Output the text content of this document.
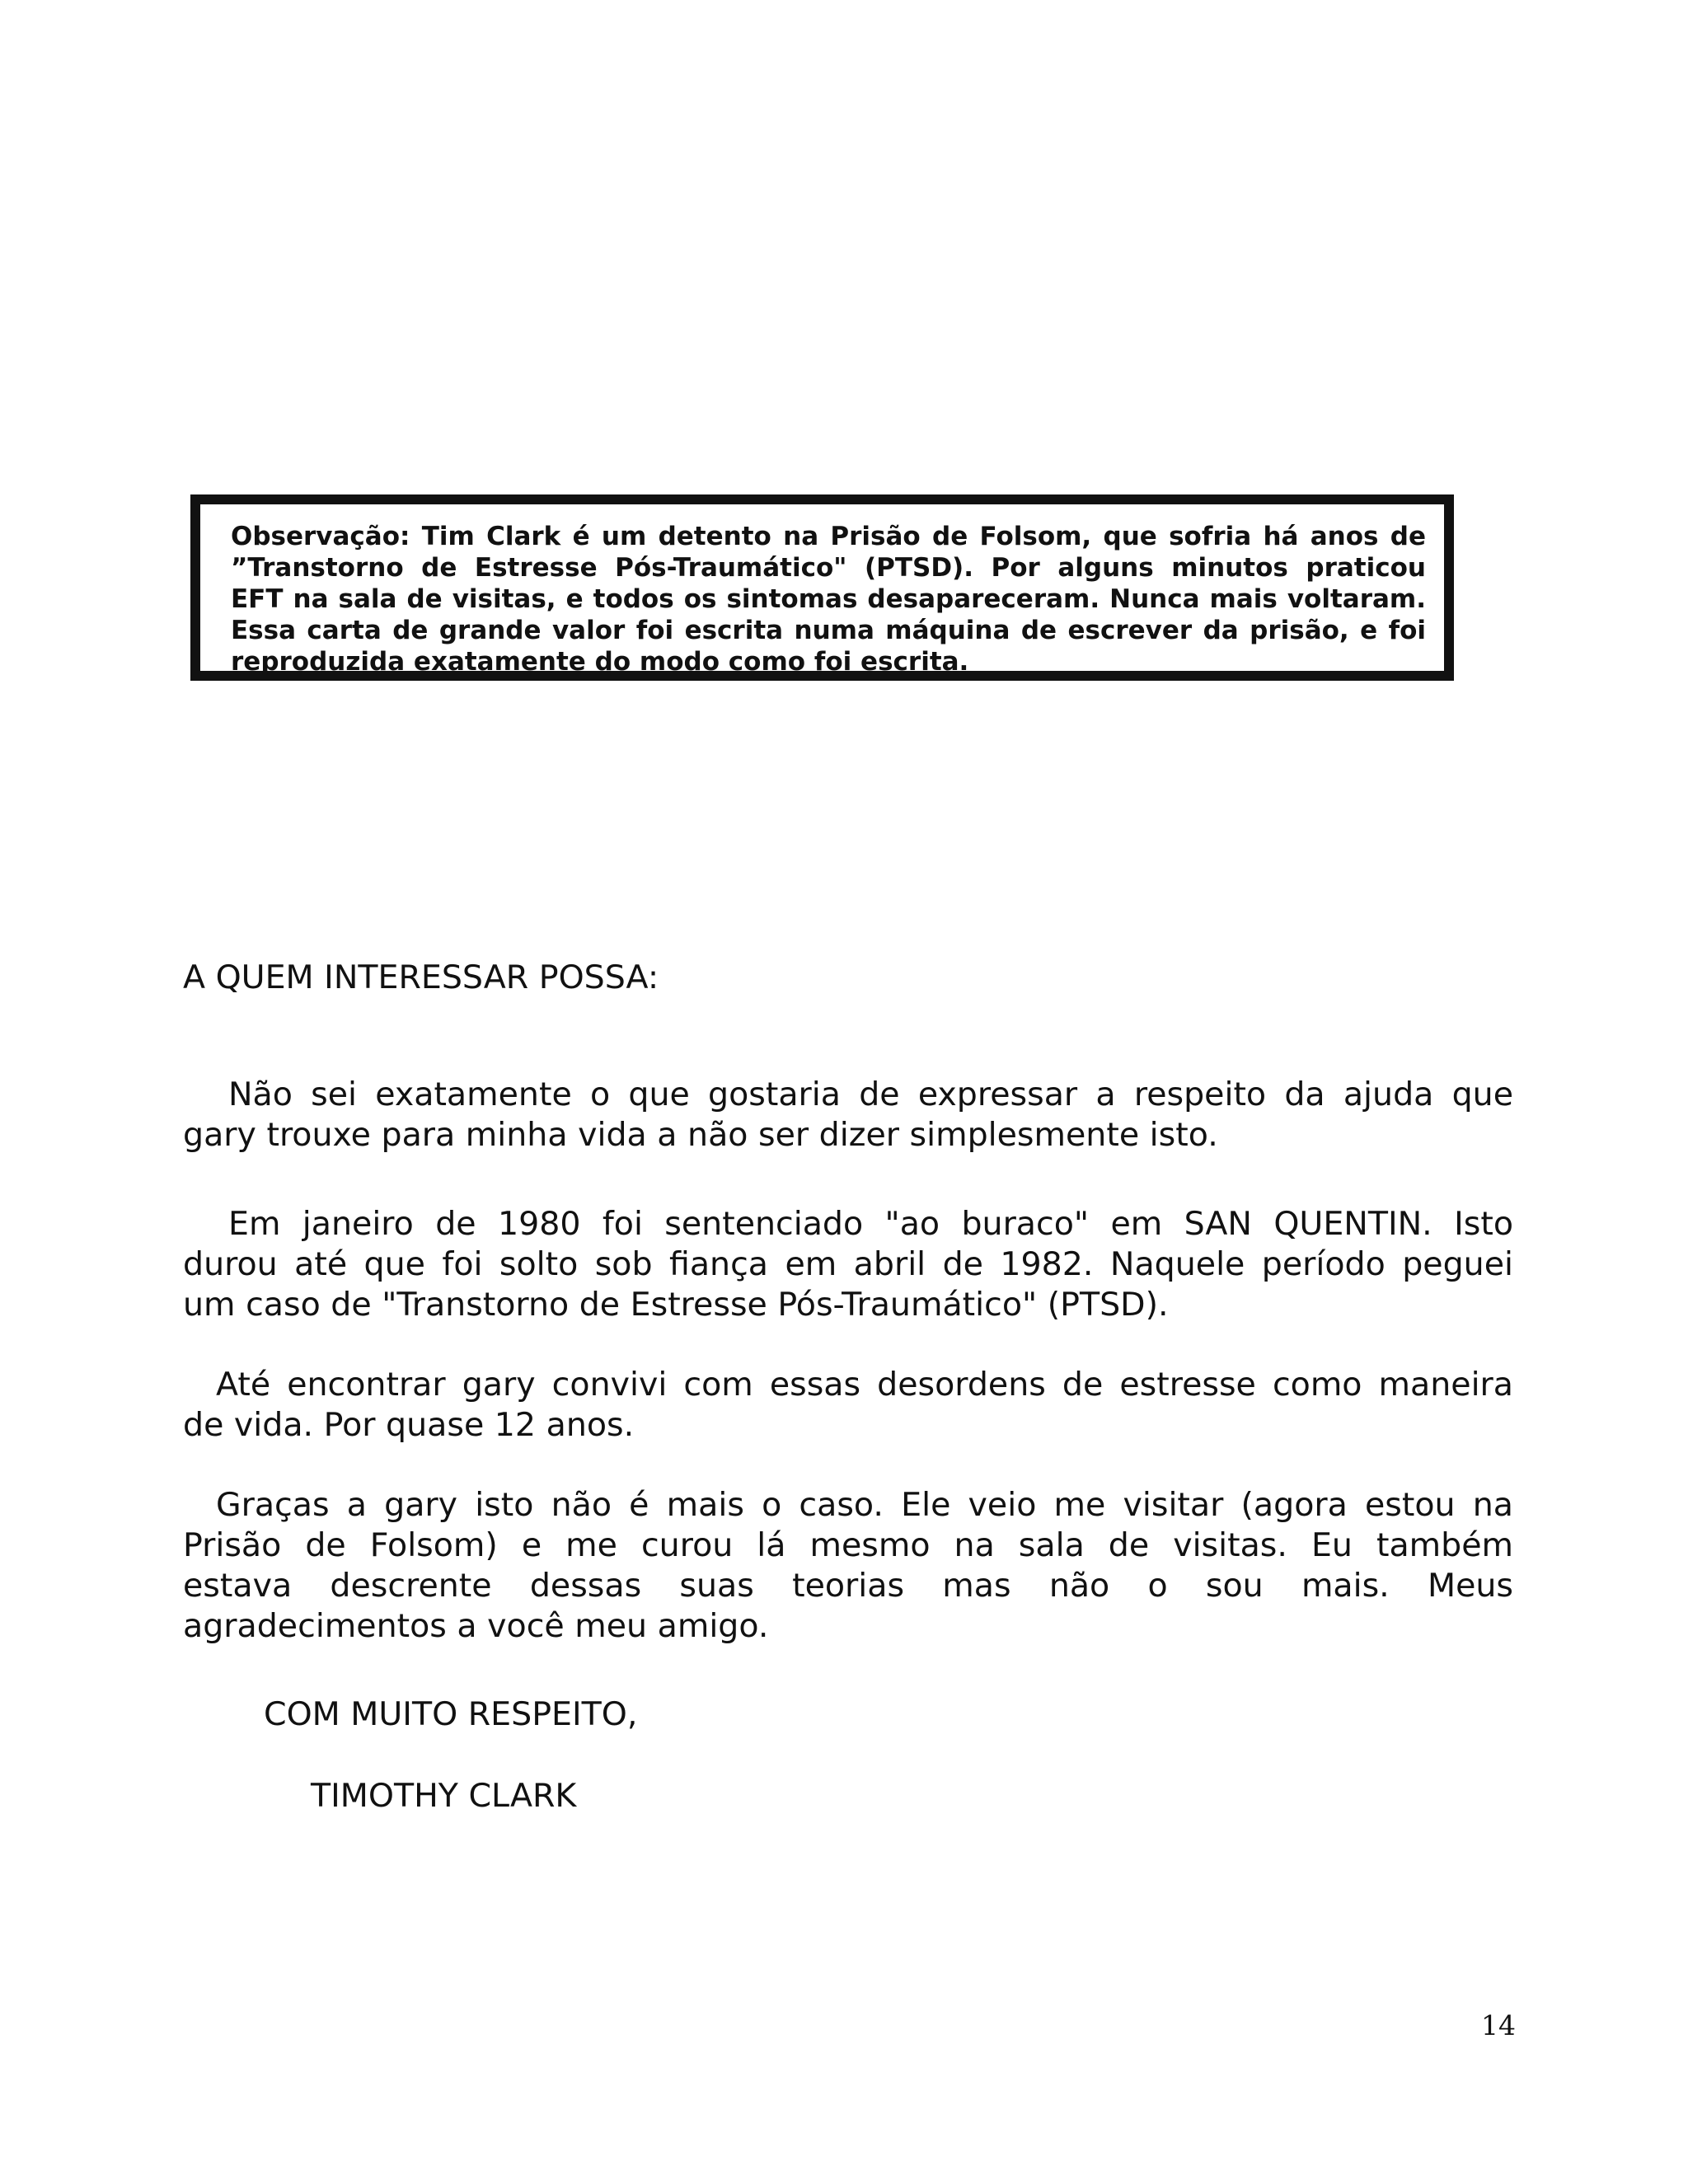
Observação: Tim Clark é um detento na Prisão de Folsom, que sofria há anos de
”Transtorno de Estresse Pós-Traumático" (PTSD). Por alguns minutos praticou
EFT na sala de visitas, e todos os sintomas desapareceram. Nunca mais voltaram.
Essa carta de grande valor foi escrita numa máquina de escrever da prisão, e foi
reproduzida exatamente do modo como foi escrita.
A QUEM INTERESSAR POSSA:
Não sei exatamente o que gostaria de expressar a respeito da ajuda que
gary trouxe para minha vida a não ser dizer simplesmente isto.
Em janeiro de 1980 foi sentenciado "ao buraco" em SAN QUENTIN. Isto
durou até que foi solto sob fiança em abril de 1982. Naquele período peguei
um caso de "Transtorno de Estresse Pós-Traumático" (PTSD).
Até encontrar gary convivi com essas desordens de estresse como maneira
de vida. Por quase 12 anos.
Graças a gary isto não é mais o caso. Ele veio me visitar (agora estou na
Prisão de Folsom) e me curou lá mesmo na sala de visitas. Eu também
estava descrente dessas suas teorias mas não o sou mais. Meus
agradecimentos a você meu amigo.
COM MUITO RESPEITO,
TIMOTHY CLARK
14
